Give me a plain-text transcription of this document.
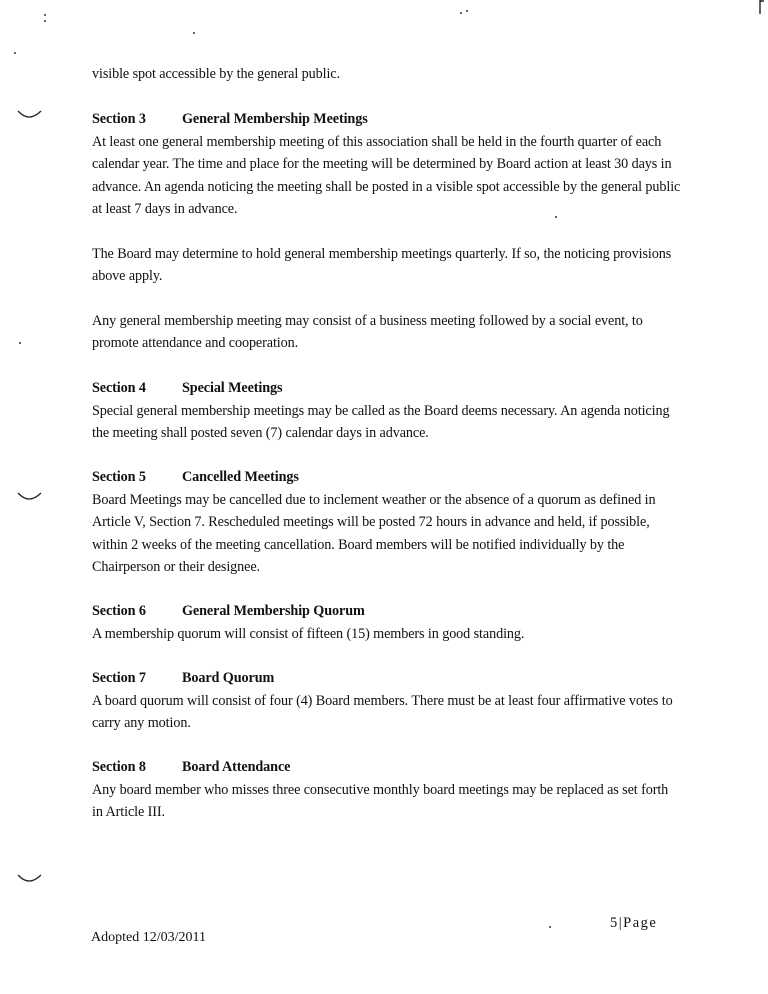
visible spot accessible by the general public.

Section 3	General Membership Meetings

At least one general membership meeting of this association shall be held in the fourth quarter of each calendar year. The time and place for the meeting will be determined by Board action at least 30 days in advance. An agenda noticing the meeting shall be posted in a visible spot accessible by the general public at least 7 days in advance.

The Board may determine to hold general membership meetings quarterly. If so, the noticing provisions above apply.

Any general membership meeting may consist of a business meeting followed by a social event, to promote attendance and cooperation.

Section 4	Special Meetings

Special general membership meetings may be called as the Board deems necessary. An agenda noticing the meeting shall posted seven (7) calendar days in advance.

Section 5	Cancelled Meetings

Board Meetings may be cancelled due to inclement weather or the absence of a quorum as defined in Article V, Section 7. Rescheduled meetings will be posted 72 hours in advance and held, if possible, within 2 weeks of the meeting cancellation. Board members will be notified individually by the Chairperson or their designee.

Section 6	General Membership Quorum

A membership quorum will consist of fifteen (15) members in good standing.

Section 7	Board Quorum

A board quorum will consist of four (4) Board members. There must be at least four affirmative votes to carry any motion.

Section 8	Board Attendance

Any board member who misses three consecutive monthly board meetings may be replaced as set forth in Article III.

5|Page
Adopted 12/03/2011
